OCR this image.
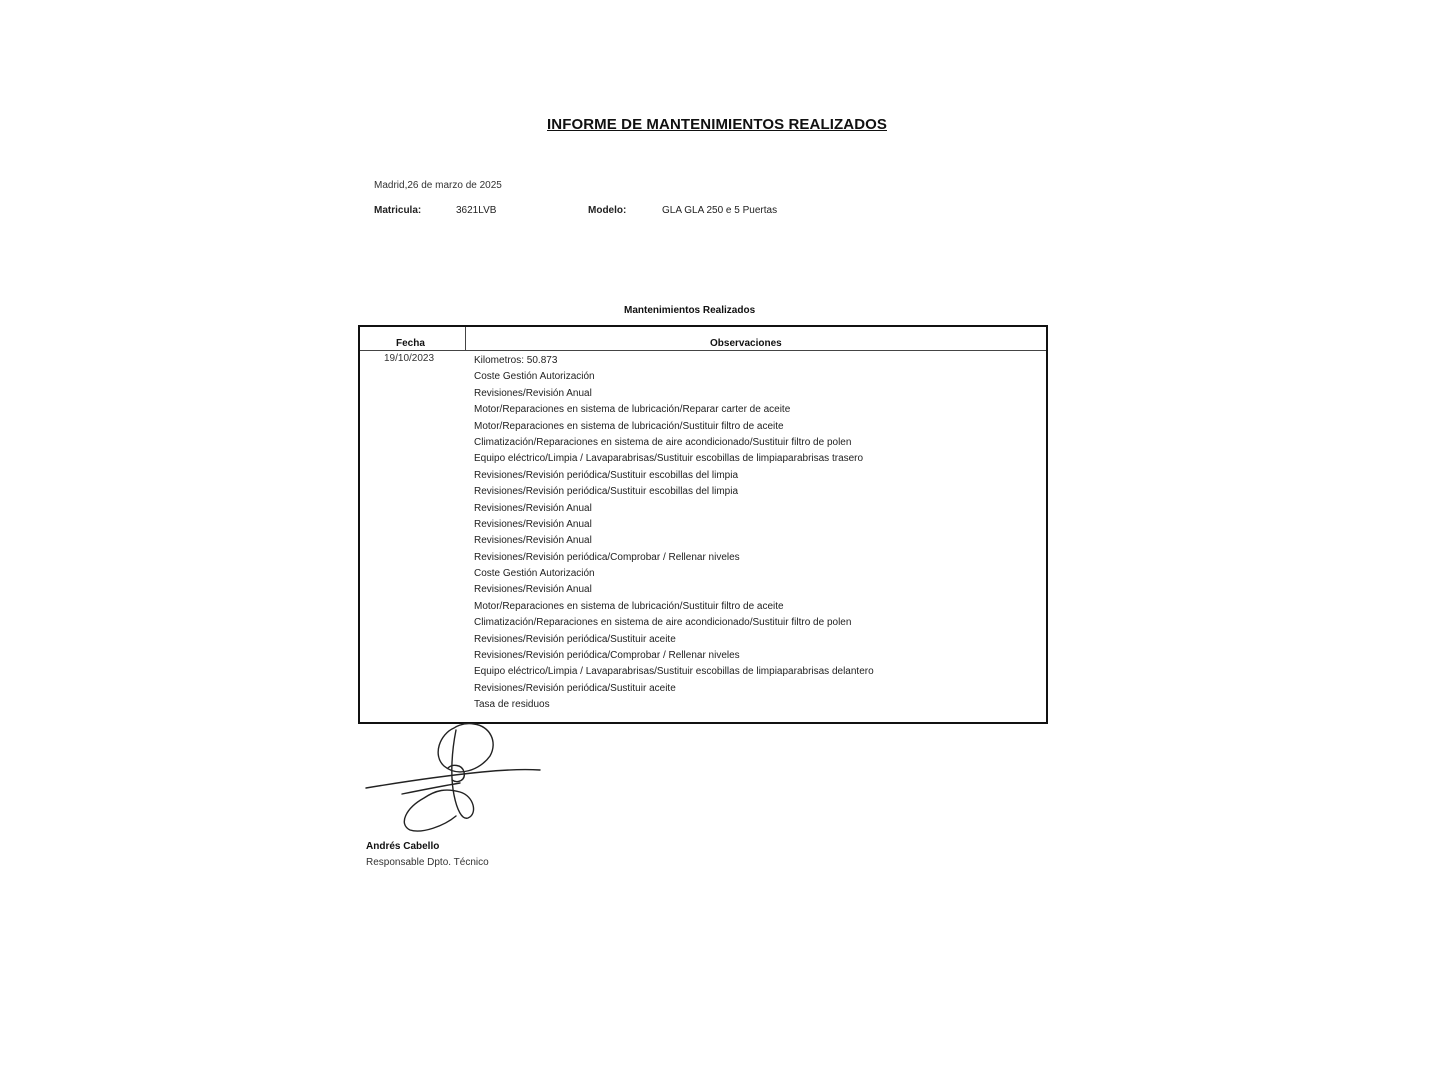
INFORME DE MANTENIMIENTOS REALIZADOS
Madrid,26 de marzo de 2025
Matricula:	3621LVB	Modelo:	GLA GLA 250 e 5 Puertas
Mantenimientos Realizados
Fecha	Observaciones
19/10/2023	Kilometros: 50.873
Coste Gestión Autorización
Revisiones/Revisión Anual
Motor/Reparaciones en sistema de lubricación/Reparar carter de aceite
Motor/Reparaciones en sistema de lubricación/Sustituir filtro de aceite
Climatización/Reparaciones en sistema de aire acondicionado/Sustituir filtro de polen
Equipo eléctrico/Limpia / Lavaparabrisas/Sustituir escobillas de limpiaparabrisas trasero
Revisiones/Revisión periódica/Sustituir escobillas del limpia
Revisiones/Revisión periódica/Sustituir escobillas del limpia
Revisiones/Revisión Anual
Revisiones/Revisión Anual
Revisiones/Revisión Anual
Revisiones/Revisión periódica/Comprobar / Rellenar niveles
Coste Gestión Autorización
Revisiones/Revisión Anual
Motor/Reparaciones en sistema de lubricación/Sustituir filtro de aceite
Climatización/Reparaciones en sistema de aire acondicionado/Sustituir filtro de polen
Revisiones/Revisión periódica/Sustituir aceite
Revisiones/Revisión periódica/Comprobar / Rellenar niveles
Equipo eléctrico/Limpia / Lavaparabrisas/Sustituir escobillas de limpiaparabrisas delantero
Revisiones/Revisión periódica/Sustituir aceite
Tasa de residuos
Andrés Cabello
Responsable Dpto. Técnico
